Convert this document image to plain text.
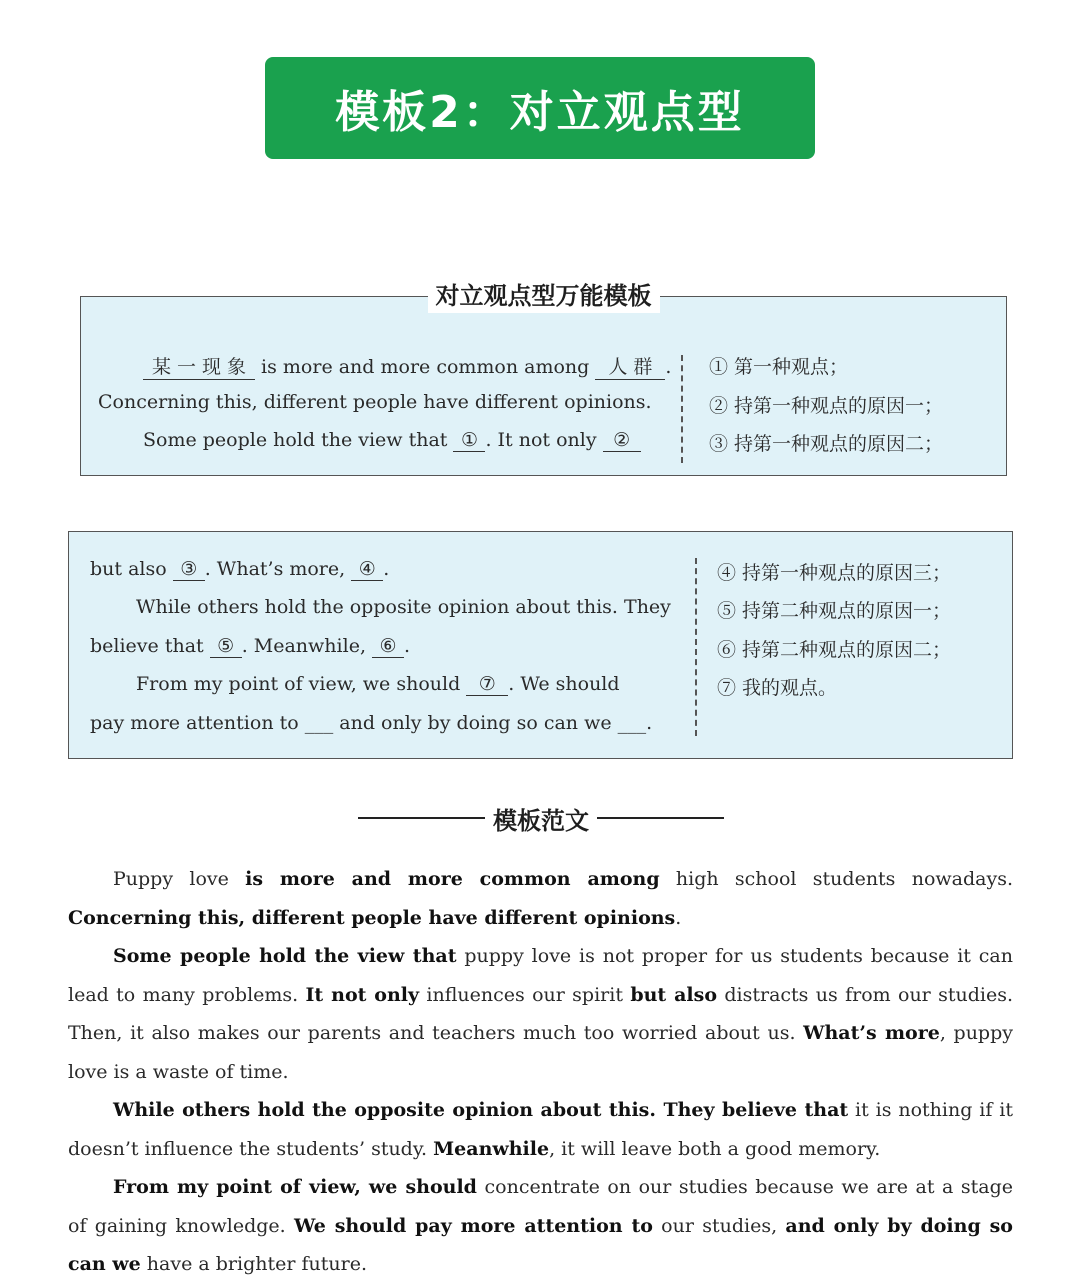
模板2：对立观点型
对立观点型万能模板
某 一 现 象 is more and more common among 人 群 .
Concerning this, different people have different opinions.
Some people hold the view that ① . It not only ②
① 第一种观点；
② 持第一种观点的原因一；
③ 持第一种观点的原因二；
but also ③ . What’s more, ④ .
While others hold the opposite opinion about this. They
believe that ⑤ . Meanwhile, ⑥ .
From my point of view, we should ⑦ . We should
pay more attention to ___ and only by doing so can we ___.
④ 持第一种观点的原因三；
⑤ 持第二种观点的原因一；
⑥ 持第二种观点的原因二；
⑦ 我的观点。
模板范文

Puppy love is more and more common among high school students nowadays. Concerning this, different people have different opinions.

Some people hold the view that puppy love is not proper for us students because it can lead to many problems. It not only influences our spirit but also distracts us from our studies. Then, it also makes our parents and teachers much too worried about us. What’s more, puppy love is a waste of time.

While others hold the opposite opinion about this. They believe that it is nothing if it doesn’t influence the students’ study. Meanwhile, it will leave both a good memory.

From my point of view, we should concentrate on our studies because we are at a stage of gaining knowledge. We should pay more attention to our studies, and only by doing so can we have a brighter future.
